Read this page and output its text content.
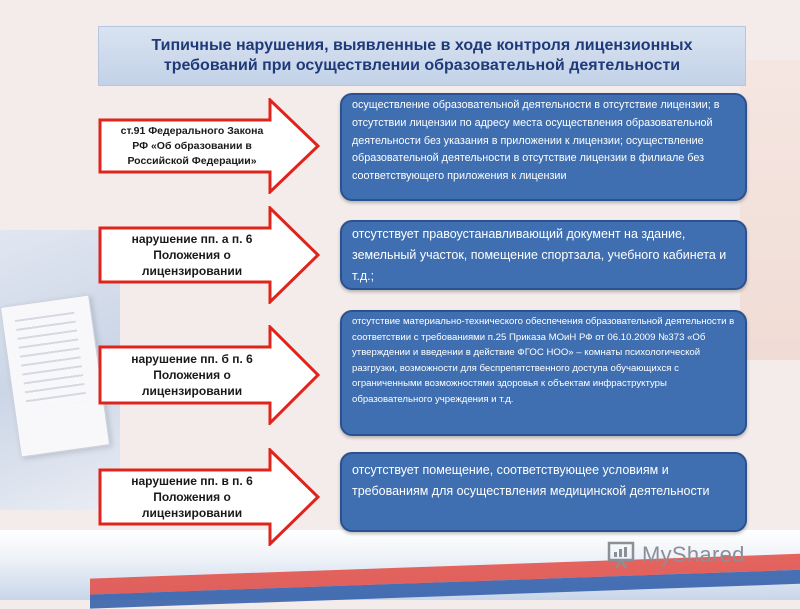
Типичные нарушения, выявленные в ходе контроля лицензионных
требований при осуществлении образовательной деятельности
ст.91 Федерального Закона
РФ «Об образовании в
Российской Федерации»
осуществление образовательной деятельности в отсутствие лицензии; в отсутствии лицензии по адресу места осуществления образовательной деятельности без указания в приложении к лицензии; осуществление образовательной деятельности в отсутствие лицензии в филиале без соответствующего приложения к лицензии
нарушение пп. а п. 6
Положения о
лицензировании
отсутствует правоустанавливающий документ на здание, земельный участок, помещение спортзала, учебного кабинета и т.д.;
нарушение пп. б п. 6
Положения о
лицензировании
отсутствие материально-технического обеспечения образовательной деятельности в соответствии с требованиями п.25 Приказа МОиН РФ от 06.10.2009 №373 «Об утверждении и введении в действие ФГОС НОО» – комнаты психологической разгрузки, возможности для беспрепятственного доступа обучающихся с ограниченными возможностями здоровья к объектам инфраструктуры образовательного учреждения и т.д.
нарушение пп. в п. 6
Положения о
лицензировании
отсутствует помещение, соответствующее условиям и требованиям для осуществления медицинской деятельности
MyShared
